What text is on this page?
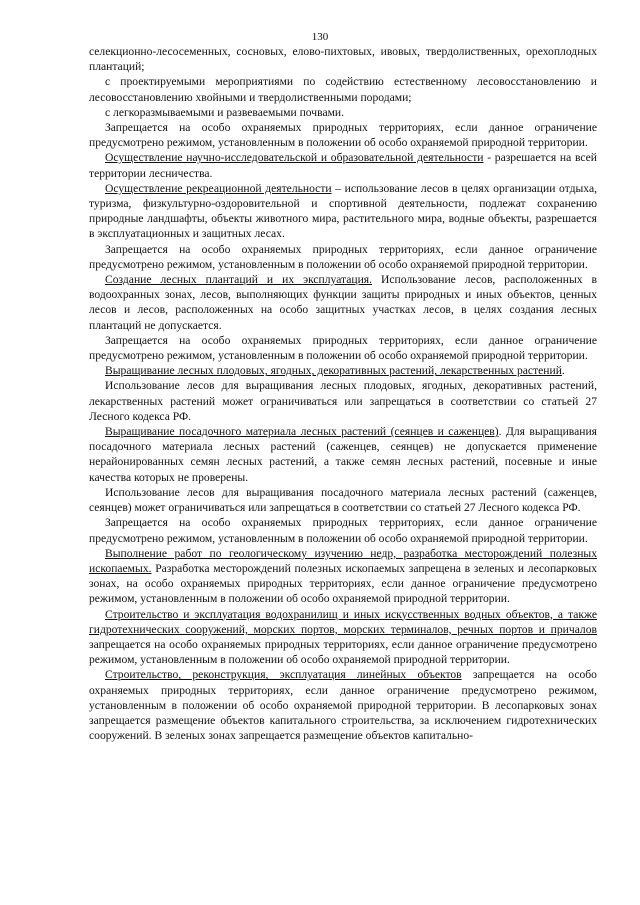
130

селекционно-лесосеменных, сосновых, елово-пихтовых, ивовых, твердолиственных, орехоплодных плантаций;

с проектируемыми мероприятиями по содействию естественному лесовосстановлению и лесовосстановлению хвойными и твердолиственными породами;

с легкоразмываемыми и развеваемыми почвами.

Запрещается на особо охраняемых природных территориях, если данное ограничение предусмотрено режимом, установленным в положении об особо охраняемой природной территории.

Осуществление научно-исследовательской и образовательной деятельности - разрешается на всей территории лесничества.

Осуществление рекреационной деятельности – использование лесов в целях организации отдыха, туризма, физкультурно-оздоровительной и спортивной деятельности, подлежат сохранению природные ландшафты, объекты животного мира, растительного мира, водные объекты, разрешается в эксплуатационных и защитных лесах.

Запрещается на особо охраняемых природных территориях, если данное ограничение предусмотрено режимом, установленным в положении об особо охраняемой природной территории.

Создание лесных плантаций и их эксплуатация. Использование лесов, расположенных в водоохранных зонах, лесов, выполняющих функции защиты природных и иных объектов, ценных лесов и лесов, расположенных на особо защитных участках лесов, в целях создания лесных плантаций не допускается.

Запрещается на особо охраняемых природных территориях, если данное ограничение предусмотрено режимом, установленным в положении об особо охраняемой природной территории.

Выращивание лесных плодовых, ягодных, декоративных растений, лекарственных растений.

Использование лесов для выращивания лесных плодовых, ягодных, декоративных растений, лекарственных растений может ограничиваться или запрещаться в соответствии со статьей 27 Лесного кодекса РФ.

Выращивание посадочного материала лесных растений (сеянцев и саженцев). Для выращивания посадочного материала лесных растений (саженцев, сеянцев) не допускается применение нерайонированных семян лесных растений, а также семян лесных растений, посевные и иные качества которых не проверены.

Использование лесов для выращивания посадочного материала лесных растений (саженцев, сеянцев) может ограничиваться или запрещаться в соответствии со статьей 27 Лесного кодекса РФ.

Запрещается на особо охраняемых природных территориях, если данное ограничение предусмотрено режимом, установленным в положении об особо охраняемой природной территории.

Выполнение работ по геологическому изучению недр, разработка месторождений полезных ископаемых. Разработка месторождений полезных ископаемых запрещена в зеленых и лесопарковых зонах, на особо охраняемых природных территориях, если данное ограничение предусмотрено режимом, установленным в положении об особо охраняемой природной территории.

Строительство и эксплуатация водохранилищ и иных искусственных водных объектов, а также гидротехнических сооружений, морских портов, морских терминалов, речных портов и причалов запрещается на особо охраняемых природных территориях, если данное ограничение предусмотрено режимом, установленным в положении об особо охраняемой природной территории.

Строительство, реконструкция, эксплуатация линейных объектов запрещается на особо охраняемых природных территориях, если данное ограничение предусмотрено режимом, установленным в положении об особо охраняемой природной территории. В лесопарковых зонах запрещается размещение объектов капитального строительства, за исключением гидротехнических сооружений. В зеленых зонах запрещается размещение объектов капитально-
